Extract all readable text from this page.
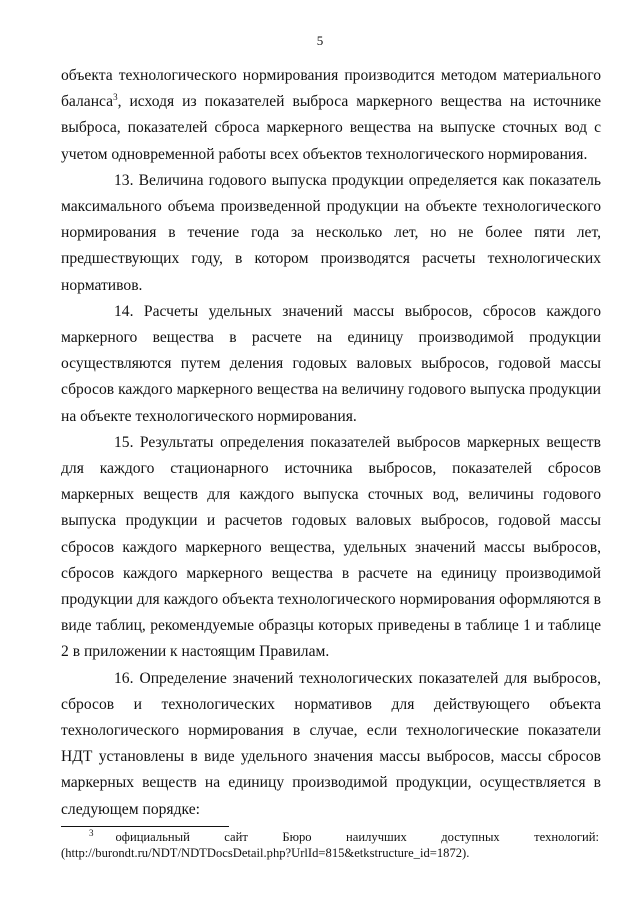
5

объекта технологического нормирования производится методом материального баланса$^3$, исходя из показателей выброса маркерного вещества на источнике выброса, показателей сброса маркерного вещества на выпуске сточных вод с учетом одновременной работы всех объектов технологического нормирования.

13. Величина годового выпуска продукции определяется как показатель максимального объема произведенной продукции на объекте технологического нормирования в течение года за несколько лет, но не более пяти лет, предшествующих году, в котором производятся расчеты технологических нормативов.

14. Расчеты удельных значений массы выбросов, сбросов каждого маркерного вещества в расчете на единицу производимой продукции осуществляются путем деления годовых валовых выбросов, годовой массы сбросов каждого маркерного вещества на величину годового выпуска продукции на объекте технологического нормирования.

15. Результаты определения показателей выбросов маркерных веществ для каждого стационарного источника выбросов, показателей сбросов маркерных веществ для каждого выпуска сточных вод, величины годового выпуска продукции и расчетов годовых валовых выбросов, годовой массы сбросов каждого маркерного вещества, удельных значений массы выбросов, сбросов каждого маркерного вещества в расчете на единицу производимой продукции для каждого объекта технологического нормирования оформляются в виде таблиц, рекомендуемые образцы которых приведены в таблице 1 и таблице 2 в приложении к настоящим Правилам.

16. Определение значений технологических показателей для выбросов, сбросов и технологических нормативов для действующего объекта технологического нормирования в случае, если технологические показатели НДТ установлены в виде удельного значения массы выбросов, массы сбросов маркерных веществ на единицу производимой продукции, осуществляется в следующем порядке:

$^3$ официальный сайт Бюро наилучших доступных технологий:
(http://burondt.ru/NDT/NDTDocsDetail.php?UrlId=815&etkstructure_id=1872).
